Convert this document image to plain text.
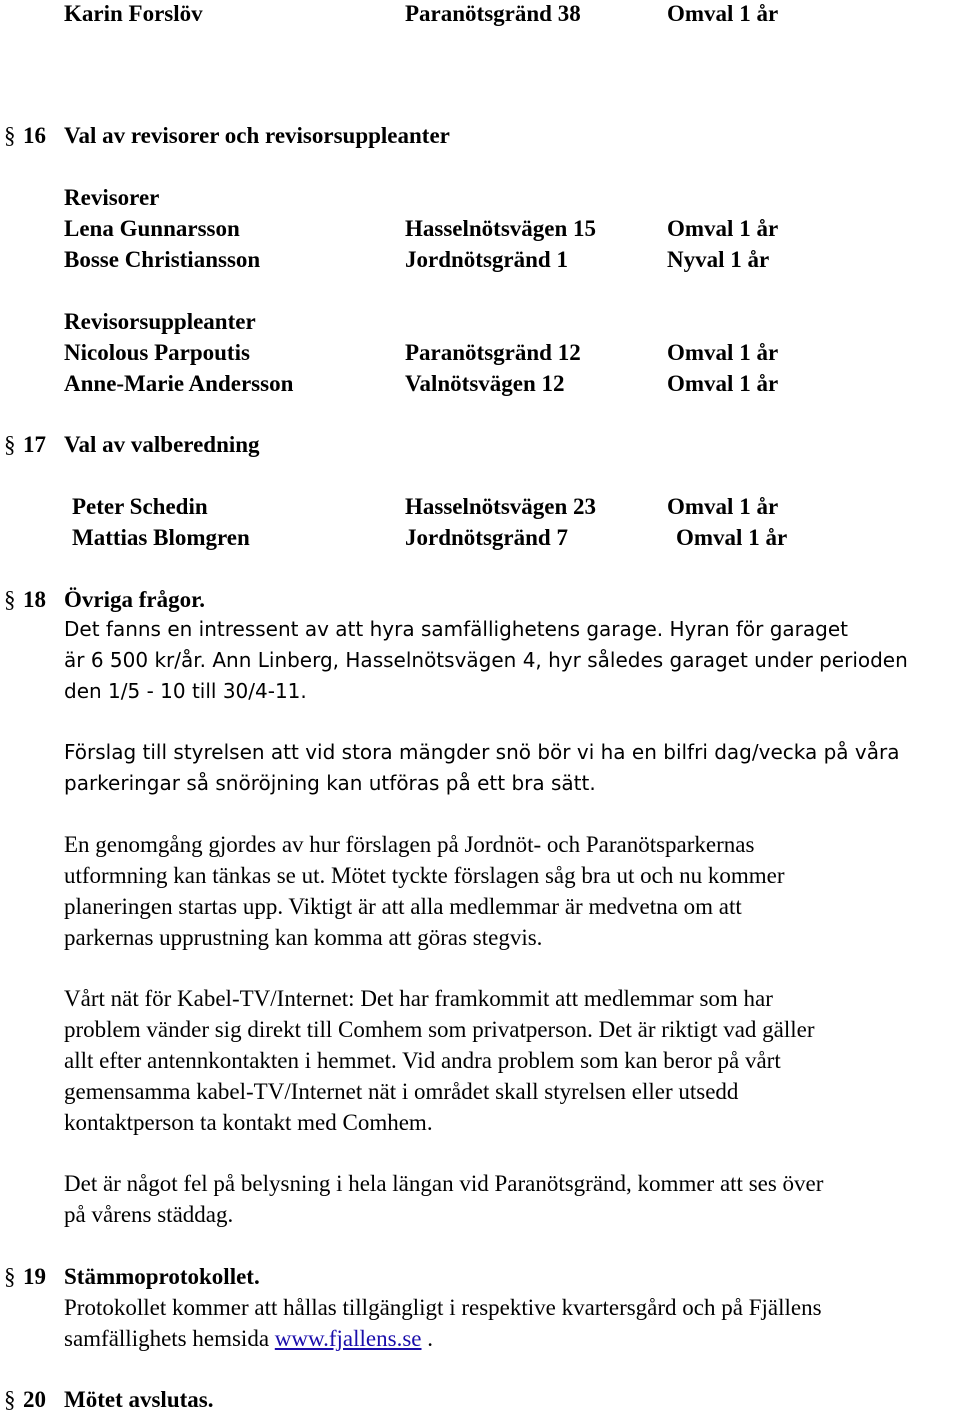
Karin Forslöv	Paranötsgränd 38	Omval 1 år
§ 16 Val av revisorer och revisorsuppleanter
Revisorer
Lena Gunnarsson	Hasselnötsvägen 15	Omval 1 år
Bosse Christiansson	Jordnötsgränd 1	Nyval 1 år
Revisorsuppleanter
Nicolous Parpoutis	Paranötsgränd 12	Omval 1 år
Anne-Marie Andersson	Valnötsvägen 12	Omval 1 år
§ 17 Val av valberedning
Peter Schedin	Hasselnötsvägen 23	Omval 1 år
Mattias Blomgren	Jordnötsgränd 7	Omval 1 år
§ 18 Övriga frågor.
Det fanns en intressent av att hyra samfällighetens garage. Hyran för garaget
är 6 500 kr/år. Ann Linberg, Hasselnötsvägen 4, hyr således garaget under perioden
den 1/5 - 10 till 30/4-11.
Förslag till styrelsen att vid stora mängder snö bör vi ha en bilfri dag/vecka på våra
parkeringar så snöröjning kan utföras på ett bra sätt.
En genomgång gjordes av hur förslagen på Jordnöt- och Paranötsparkernas
utformning kan tänkas se ut. Mötet tyckte förslagen såg bra ut och nu kommer
planeringen startas upp. Viktigt är att alla medlemmar är medvetna om att
parkernas upprustning kan komma att göras stegvis.
Vårt nät för Kabel-TV/Internet: Det har framkommit att medlemmar som har
problem vänder sig direkt till Comhem som privatperson. Det är riktigt vad gäller
allt efter antennkontakten i hemmet. Vid andra problem som kan beror på vårt
gemensamma kabel-TV/Internet nät i området skall styrelsen eller utsedd
kontaktperson ta kontakt med Comhem.
Det är något fel på belysning i hela längan vid Paranötsgränd, kommer att ses över
på vårens städdag.
§ 19 Stämmoprotokollet.
Protokollet kommer att hållas tillgängligt i respektive kvartersgård och på Fjällens
samfällighets hemsida www.fjallens.se .
§ 20 Mötet avslutas.
